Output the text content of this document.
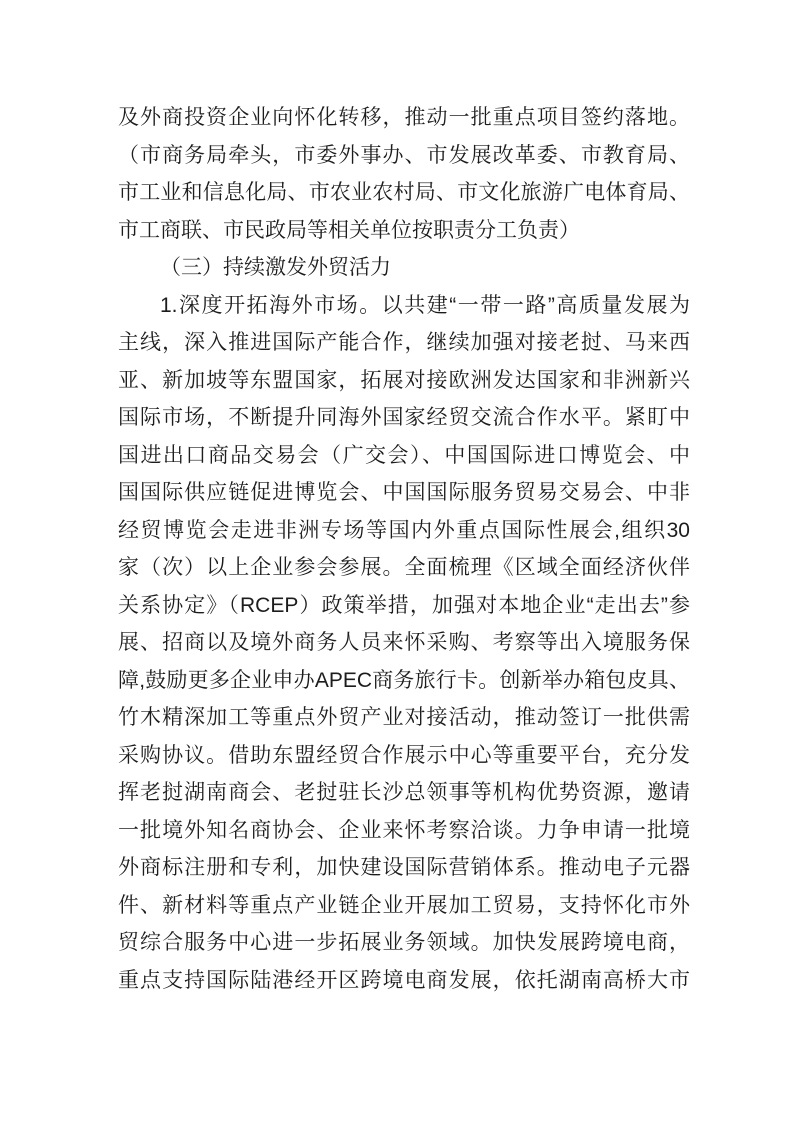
及外商投资企业向怀化转移，推动一批重点项目签约落地。
（市商务局牵头，市委外事办、市发展改革委、市教育局、
市工业和信息化局、市农业农村局、市文化旅游广电体育局、
市工商联、市民政局等相关单位按职责分工负责）
（三）持续激发外贸活力
1.深度开拓海外市场。以共建“一带一路”高质量发展为
主线，深入推进国际产能合作，继续加强对接老挝、马来西
亚、新加坡等东盟国家，拓展对接欧洲发达国家和非洲新兴
国际市场，不断提升同海外国家经贸交流合作水平。紧盯中
国进出口商品交易会（广交会）、中国国际进口博览会、中
国国际供应链促进博览会、中国国际服务贸易交易会、中非
经贸博览会走进非洲专场等国内外重点国际性展会,组织30
家（次）以上企业参会参展。全面梳理《区域全面经济伙伴
关系协定》（RCEP）政策举措，加强对本地企业“走出去”参
展、招商以及境外商务人员来怀采购、考察等出入境服务保
障,鼓励更多企业申办APEC商务旅行卡。创新举办箱包皮具、
竹木精深加工等重点外贸产业对接活动，推动签订一批供需
采购协议。借助东盟经贸合作展示中心等重要平台，充分发
挥老挝湖南商会、老挝驻长沙总领事等机构优势资源，邀请
一批境外知名商协会、企业来怀考察洽谈。力争申请一批境
外商标注册和专利，加快建设国际营销体系。推动电子元器
件、新材料等重点产业链企业开展加工贸易，支持怀化市外
贸综合服务中心进一步拓展业务领域。加快发展跨境电商，
重点支持国际陆港经开区跨境电商发展，依托湖南高桥大市
